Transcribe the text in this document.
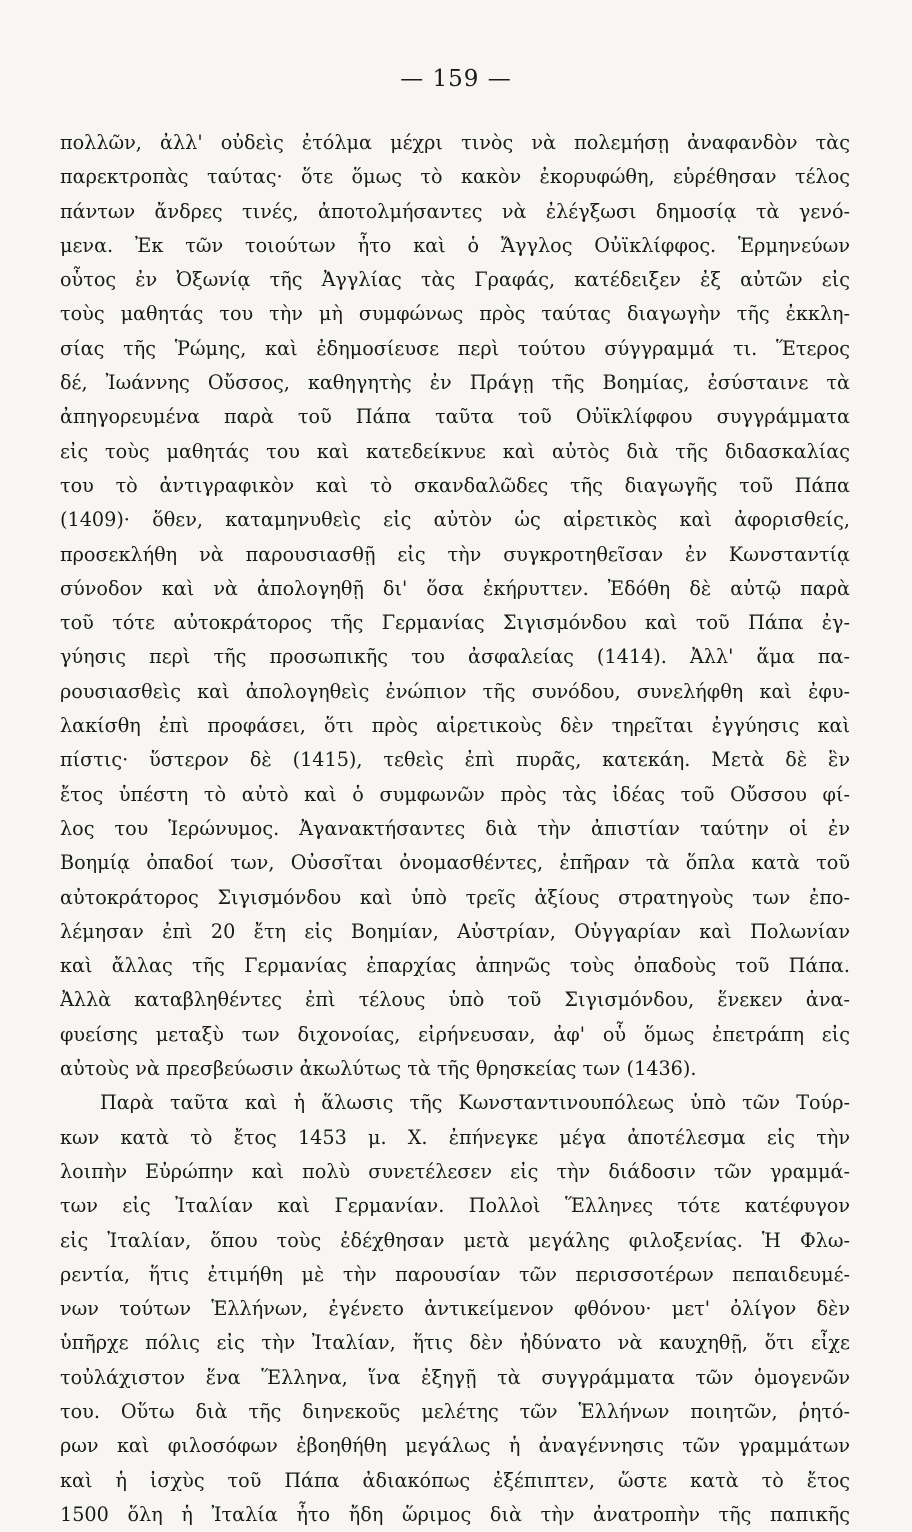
— 159 —
πολλῶν, ἀλλ' οὐδεὶς ἐτόλμα μέχρι τινὸς νὰ πολεμήσῃ ἀναφανδὸν τὰς
παρεκτροπὰς ταύτας· ὅτε ὅμως τὸ κακὸν ἐκορυφώθη, εὑρέθησαν τέλος
πάντων ἄνδρες τινές, ἀποτολμήσαντες νὰ ἐλέγξωσι δημοσίᾳ τὰ γενό-
μενα. Ἐκ τῶν τοιούτων ἦτο καὶ ὁ Ἄγγλος Οὐϊκλίφφος. Ἑρμηνεύων
οὗτος ἐν Ὀξωνίᾳ τῆς Ἀγγλίας τὰς Γραφάς, κατέδειξεν ἐξ αὐτῶν εἰς
τοὺς μαθητάς του τὴν μὴ συμφώνως πρὸς ταύτας διαγωγὴν τῆς ἐκκλη-
σίας τῆς Ῥώμης, καὶ ἐδημοσίευσε περὶ τούτου σύγγραμμά τι. Ἕτερος
δέ, Ἰωάννης Οὔσσος, καθηγητὴς ἐν Πράγῃ τῆς Βοημίας, ἐσύσταινε τὰ
ἀπηγορευμένα παρὰ τοῦ Πάπα ταῦτα τοῦ Οὐϊκλίφφου συγγράμματα
εἰς τοὺς μαθητάς του καὶ κατεδείκνυε καὶ αὐτὸς διὰ τῆς διδασκαλίας
του τὸ ἀντιγραφικὸν καὶ τὸ σκανδαλῶδες τῆς διαγωγῆς τοῦ Πάπα
(1409)· ὅθεν, καταμηνυθεὶς εἰς αὐτὸν ὡς αἱρετικὸς καὶ ἀφορισθείς,
προσεκλήθη νὰ παρουσιασθῇ εἰς τὴν συγκροτηθεῖσαν ἐν Κωνσταντίᾳ
σύνοδον καὶ νὰ ἀπολογηθῇ δι' ὅσα ἐκήρυττεν. Ἐδόθη δὲ αὐτῷ παρὰ
τοῦ τότε αὐτοκράτορος τῆς Γερμανίας Σιγισμόνδου καὶ τοῦ Πάπα ἐγ-
γύησις περὶ τῆς προσωπικῆς του ἀσφαλείας (1414). Ἀλλ' ἅμα πα-
ρουσιασθεὶς καὶ ἀπολογηθεὶς ἐνώπιον τῆς συνόδου, συνελήφθη καὶ ἐφυ-
λακίσθη ἐπὶ προφάσει, ὅτι πρὸς αἱρετικοὺς δὲν τηρεῖται ἐγγύησις καὶ
πίστις· ὕστερον δὲ (1415), τεθεὶς ἐπὶ πυρᾶς, κατεκάη. Μετὰ δὲ ἓν
ἔτος ὑπέστη τὸ αὐτὸ καὶ ὁ συμφωνῶν πρὸς τὰς ἰδέας τοῦ Οὔσσου φί-
λος του Ἱερώνυμος. Ἀγανακτήσαντες διὰ τὴν ἀπιστίαν ταύτην οἱ ἐν
Βοημίᾳ ὀπαδοί των, Οὐσσῖται ὀνομασθέντες, ἐπῆραν τὰ ὅπλα κατὰ τοῦ
αὐτοκράτορος Σιγισμόνδου καὶ ὑπὸ τρεῖς ἀξίους στρατηγοὺς των ἐπο-
λέμησαν ἐπὶ 20 ἔτη εἰς Βοημίαν, Αὐστρίαν, Οὑγγαρίαν καὶ Πολωνίαν
καὶ ἄλλας τῆς Γερμανίας ἐπαρχίας ἀπηνῶς τοὺς ὀπαδοὺς τοῦ Πάπα.
Ἀλλὰ καταβληθέντες ἐπὶ τέλους ὑπὸ τοῦ Σιγισμόνδου, ἕνεκεν ἀνα-
φυείσης μεταξὺ των διχονοίας, εἰρήνευσαν, ἀφ' οὗ ὅμως ἐπετράπη εἰς
αὐτοὺς νὰ πρεσβεύωσιν ἀκωλύτως τὰ τῆς θρησκείας των (1436).
Παρὰ ταῦτα καὶ ἡ ἅλωσις τῆς Κωνσταντινουπόλεως ὑπὸ τῶν Τούρ-
κων κατὰ τὸ ἔτος 1453 μ. Χ. ἐπήνεγκε μέγα ἀποτέλεσμα εἰς τὴν
λοιπὴν Εὐρώπην καὶ πολὺ συνετέλεσεν εἰς τὴν διάδοσιν τῶν γραμμά-
των εἰς Ἰταλίαν καὶ Γερμανίαν. Πολλοὶ Ἕλληνες τότε κατέφυγον
εἰς Ἰταλίαν, ὅπου τοὺς ἐδέχθησαν μετὰ μεγάλης φιλοξενίας. Ἡ Φλω-
ρεντία, ἥτις ἐτιμήθη μὲ τὴν παρουσίαν τῶν περισσοτέρων πεπαιδευμέ-
νων τούτων Ἑλλήνων, ἐγένετο ἀντικείμενον φθόνου· μετ' ὀλίγον δὲν
ὑπῆρχε πόλις εἰς τὴν Ἰταλίαν, ἥτις δὲν ἠδύνατο νὰ καυχηθῇ, ὅτι εἶχε
τοὐλάχιστον ἕνα Ἕλληνα, ἵνα ἐξηγῇ τὰ συγγράμματα τῶν ὁμογενῶν
του. Οὕτω διὰ τῆς διηνεκοῦς μελέτης τῶν Ἑλλήνων ποιητῶν, ῥητό-
ρων καὶ φιλοσόφων ἐβοηθήθη μεγάλως ἡ ἀναγέννησις τῶν γραμμάτων
καὶ ἡ ἰσχὺς τοῦ Πάπα ἀδιακόπως ἐξέπιπτεν, ὥστε κατὰ τὸ ἔτος
1500 ὅλη ἡ Ἰταλία ἦτο ἤδη ὥριμος διὰ τὴν ἀνατροπὴν τῆς παπικῆς
